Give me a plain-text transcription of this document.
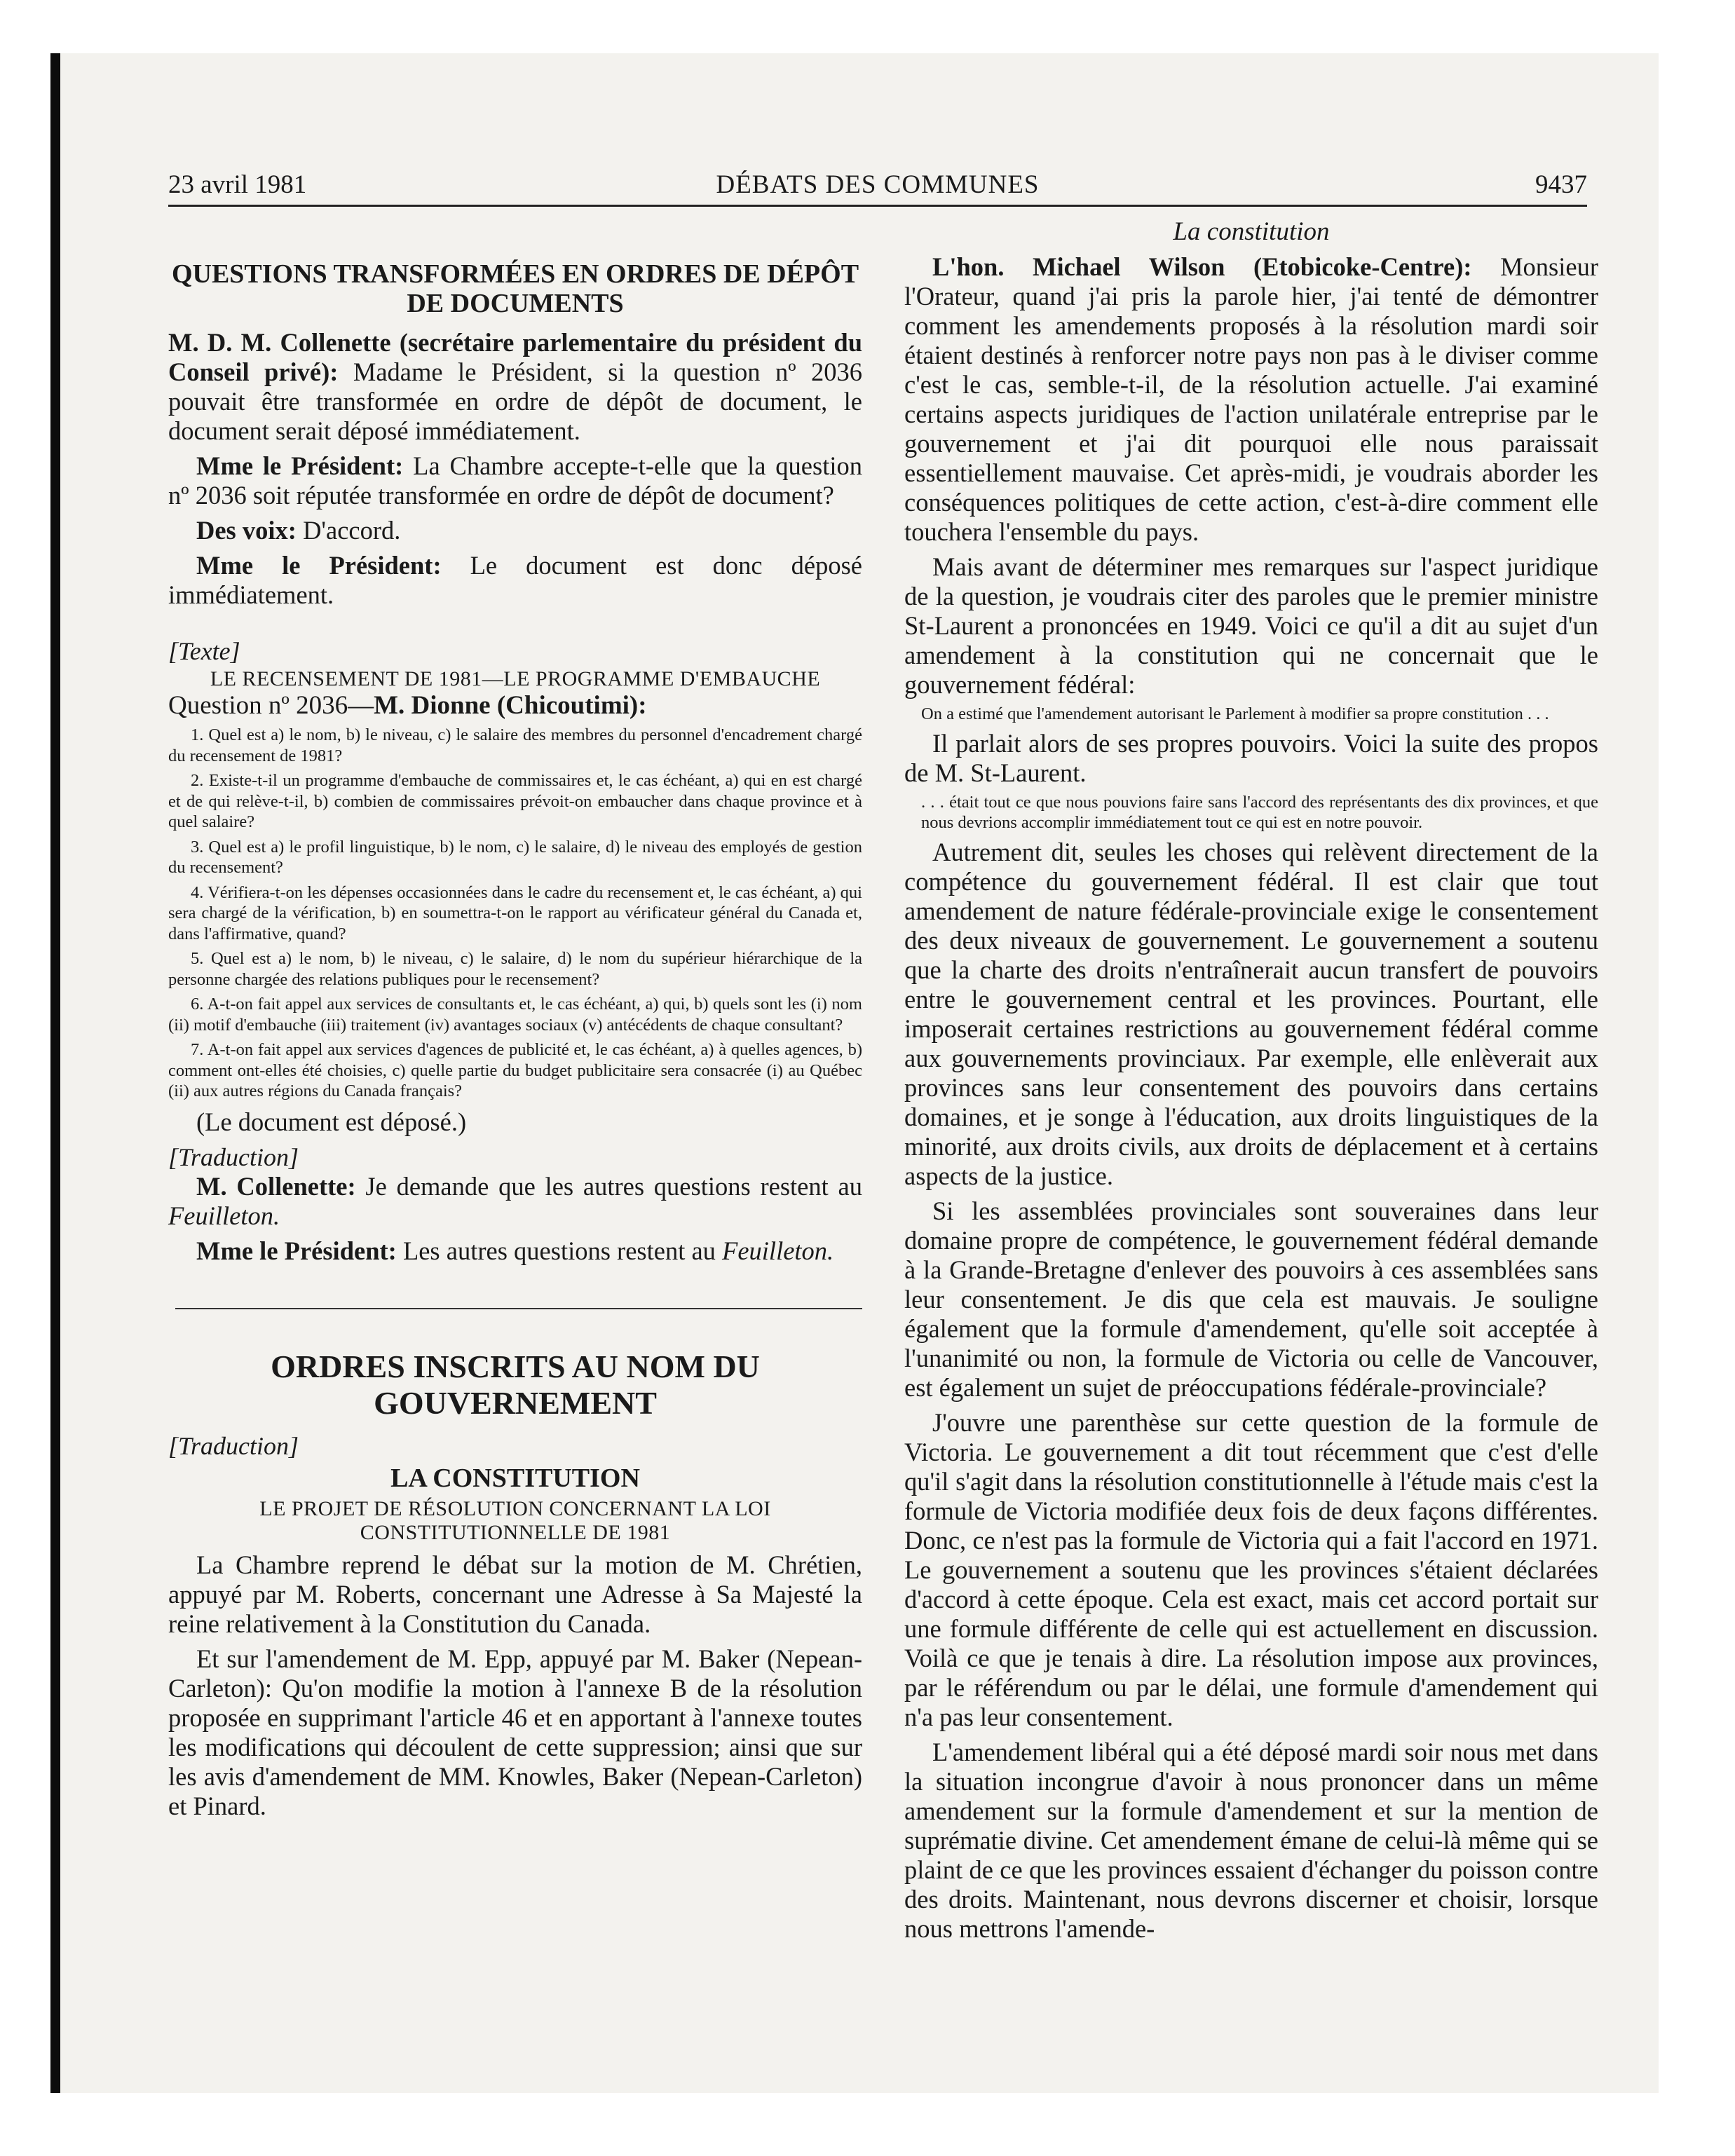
23 avril 1981	DÉBATS DES COMMUNES	9437
QUESTIONS TRANSFORMÉES EN ORDRES DE DÉPÔT DE DOCUMENTS

M. D. M. Collenette (secrétaire parlementaire du président du Conseil privé): Madame le Président, si la question nº 2036 pouvait être transformée en ordre de dépôt de document, le document serait déposé immédiatement.

Mme le Président: La Chambre accepte-t-elle que la question nº 2036 soit réputée transformée en ordre de dépôt de document?

Des voix: D'accord.

Mme le Président: Le document est donc déposé immédiatement.

[Texte]
LE RECENSEMENT DE 1981—LE PROGRAMME D'EMBAUCHE
Question nº 2036—M. Dionne (Chicoutimi):

1. Quel est a) le nom, b) le niveau, c) le salaire des membres du personnel d'encadrement chargé du recensement de 1981?

2. Existe-t-il un programme d'embauche de commissaires et, le cas échéant, a) qui en est chargé et de qui relève-t-il, b) combien de commissaires prévoit-on embaucher dans chaque province et à quel salaire?

3. Quel est a) le profil linguistique, b) le nom, c) le salaire, d) le niveau des employés de gestion du recensement?

4. Vérifiera-t-on les dépenses occasionnées dans le cadre du recensement et, le cas échéant, a) qui sera chargé de la vérification, b) en soumettra-t-on le rapport au vérificateur général du Canada et, dans l'affirmative, quand?

5. Quel est a) le nom, b) le niveau, c) le salaire, d) le nom du supérieur hiérarchique de la personne chargée des relations publiques pour le recensement?

6. A-t-on fait appel aux services de consultants et, le cas échéant, a) qui, b) quels sont les (i) nom (ii) motif d'embauche (iii) traitement (iv) avantages sociaux (v) antécédents de chaque consultant?

7. A-t-on fait appel aux services d'agences de publicité et, le cas échéant, a) à quelles agences, b) comment ont-elles été choisies, c) quelle partie du budget publicitaire sera consacrée (i) au Québec (ii) aux autres régions du Canada français?

(Le document est déposé.)

[Traduction]

M. Collenette: Je demande que les autres questions restent au Feuilleton.

Mme le Président: Les autres questions restent au Feuilleton.

ORDRES INSCRITS AU NOM DU GOUVERNEMENT
[Traduction]
LA CONSTITUTION
LE PROJET DE RÉSOLUTION CONCERNANT LA LOI CONSTITUTIONNELLE DE 1981

La Chambre reprend le débat sur la motion de M. Chrétien, appuyé par M. Roberts, concernant une Adresse à Sa Majesté la reine relativement à la Constitution du Canada.

Et sur l'amendement de M. Epp, appuyé par M. Baker (Nepean-Carleton): Qu'on modifie la motion à l'annexe B de la résolution proposée en supprimant l'article 46 et en apportant à l'annexe toutes les modifications qui découlent de cette suppression; ainsi que sur les avis d'amendement de MM. Knowles, Baker (Nepean-Carleton) et Pinard.

La constitution

L'hon. Michael Wilson (Etobicoke-Centre): Monsieur l'Orateur, quand j'ai pris la parole hier, j'ai tenté de démontrer comment les amendements proposés à la résolution mardi soir étaient destinés à renforcer notre pays non pas à le diviser comme c'est le cas, semble-t-il, de la résolution actuelle. J'ai examiné certains aspects juridiques de l'action unilatérale entreprise par le gouvernement et j'ai dit pourquoi elle nous paraissait essentiellement mauvaise. Cet après-midi, je voudrais aborder les conséquences politiques de cette action, c'est-à-dire comment elle touchera l'ensemble du pays.

Mais avant de déterminer mes remarques sur l'aspect juridique de la question, je voudrais citer des paroles que le premier ministre St-Laurent a prononcées en 1949. Voici ce qu'il a dit au sujet d'un amendement à la constitution qui ne concernait que le gouvernement fédéral:

On a estimé que l'amendement autorisant le Parlement à modifier sa propre constitution . . .

Il parlait alors de ses propres pouvoirs. Voici la suite des propos de M. St-Laurent.

. . . était tout ce que nous pouvions faire sans l'accord des représentants des dix provinces, et que nous devrions accomplir immédiatement tout ce qui est en notre pouvoir.

Autrement dit, seules les choses qui relèvent directement de la compétence du gouvernement fédéral. Il est clair que tout amendement de nature fédérale-provinciale exige le consentement des deux niveaux de gouvernement. Le gouvernement a soutenu que la charte des droits n'entraînerait aucun transfert de pouvoirs entre le gouvernement central et les provinces. Pourtant, elle imposerait certaines restrictions au gouvernement fédéral comme aux gouvernements provinciaux. Par exemple, elle enlèverait aux provinces sans leur consentement des pouvoirs dans certains domaines, et je songe à l'éducation, aux droits linguistiques de la minorité, aux droits civils, aux droits de déplacement et à certains aspects de la justice.

Si les assemblées provinciales sont souveraines dans leur domaine propre de compétence, le gouvernement fédéral demande à la Grande-Bretagne d'enlever des pouvoirs à ces assemblées sans leur consentement. Je dis que cela est mauvais. Je souligne également que la formule d'amendement, qu'elle soit acceptée à l'unanimité ou non, la formule de Victoria ou celle de Vancouver, est également un sujet de préoccupations fédérale-provinciale?

J'ouvre une parenthèse sur cette question de la formule de Victoria. Le gouvernement a dit tout récemment que c'est d'elle qu'il s'agit dans la résolution constitutionnelle à l'étude mais c'est la formule de Victoria modifiée deux fois de deux façons différentes. Donc, ce n'est pas la formule de Victoria qui a fait l'accord en 1971. Le gouvernement a soutenu que les provinces s'étaient déclarées d'accord à cette époque. Cela est exact, mais cet accord portait sur une formule différente de celle qui est actuellement en discussion. Voilà ce que je tenais à dire. La résolution impose aux provinces, par le référendum ou par le délai, une formule d'amendement qui n'a pas leur consentement.

L'amendement libéral qui a été déposé mardi soir nous met dans la situation incongrue d'avoir à nous prononcer dans un même amendement sur la formule d'amendement et sur la mention de suprématie divine. Cet amendement émane de celui-là même qui se plaint de ce que les provinces essaient d'échanger du poisson contre des droits. Maintenant, nous devrons discerner et choisir, lorsque nous mettrons l'amende-
